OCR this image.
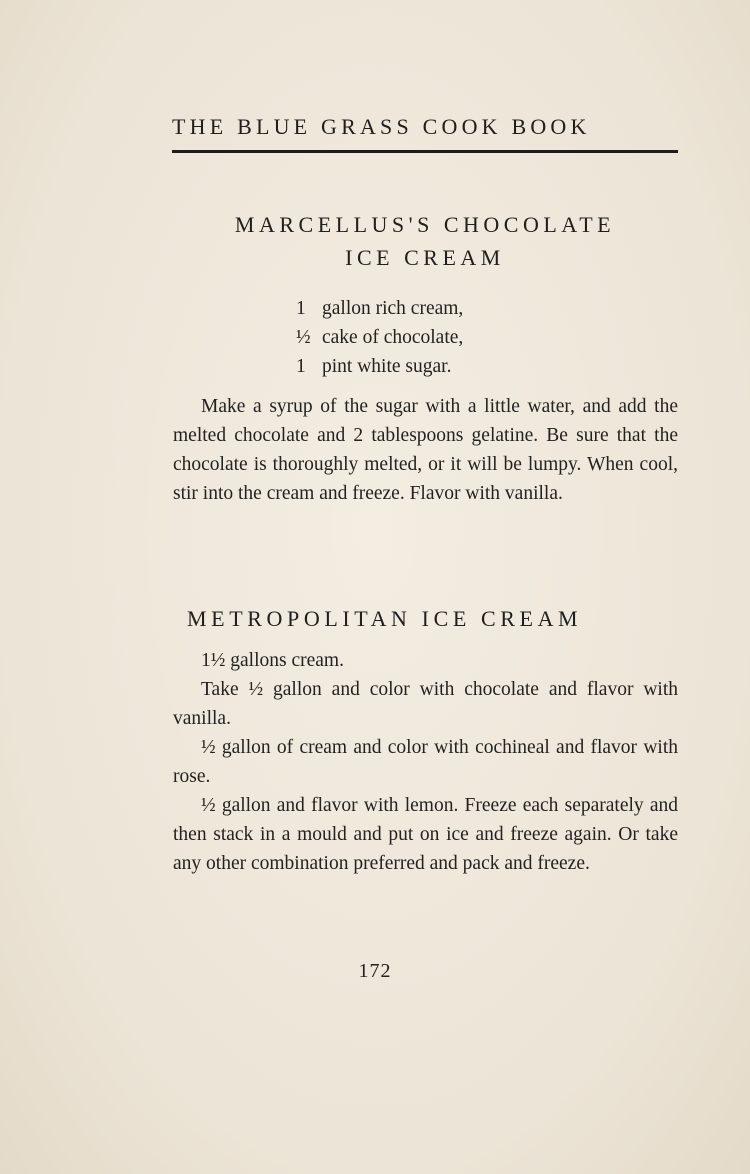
THE BLUE GRASS COOK BOOK
MARCELLUS'S CHOCOLATE
ICE CREAM
1 gallon rich cream,
½ cake of chocolate,
1 pint white sugar.
Make a syrup of the sugar with a little water, and add the melted chocolate and 2 tablespoons gelatine. Be sure that the chocolate is thoroughly melted, or it will be lumpy. When cool, stir into the cream and freeze. Flavor with vanilla.
METROPOLITAN ICE CREAM
1½ gallons cream.
Take ½ gallon and color with chocolate and flavor with vanilla.
½ gallon of cream and color with cochineal and flavor with rose.
½ gallon and flavor with lemon. Freeze each separately and then stack in a mould and put on ice and freeze again. Or take any other combination preferred and pack and freeze.
172
